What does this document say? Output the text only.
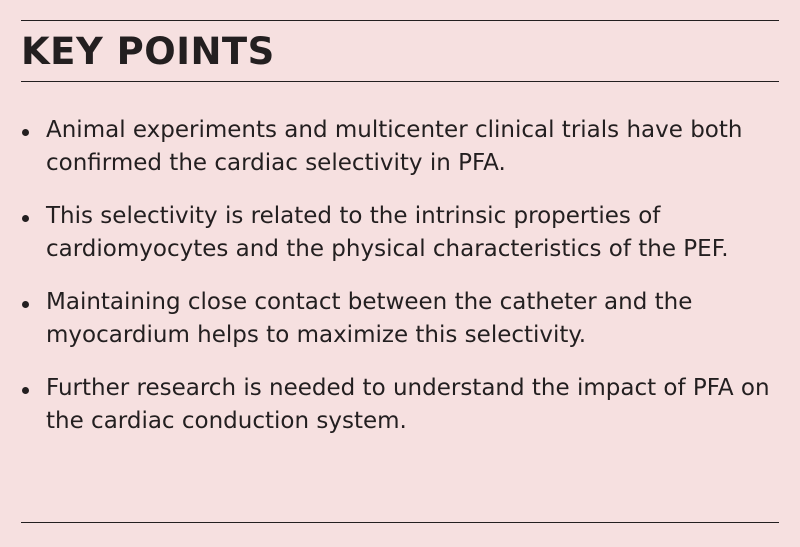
KEY POINTS
Animal experiments and multicenter clinical trials have both confirmed the cardiac selectivity in PFA.
This selectivity is related to the intrinsic properties of cardiomyocytes and the physical characteristics of the PEF.
Maintaining close contact between the catheter and the myocardium helps to maximize this selectivity.
Further research is needed to understand the impact of PFA on the cardiac conduction system.
